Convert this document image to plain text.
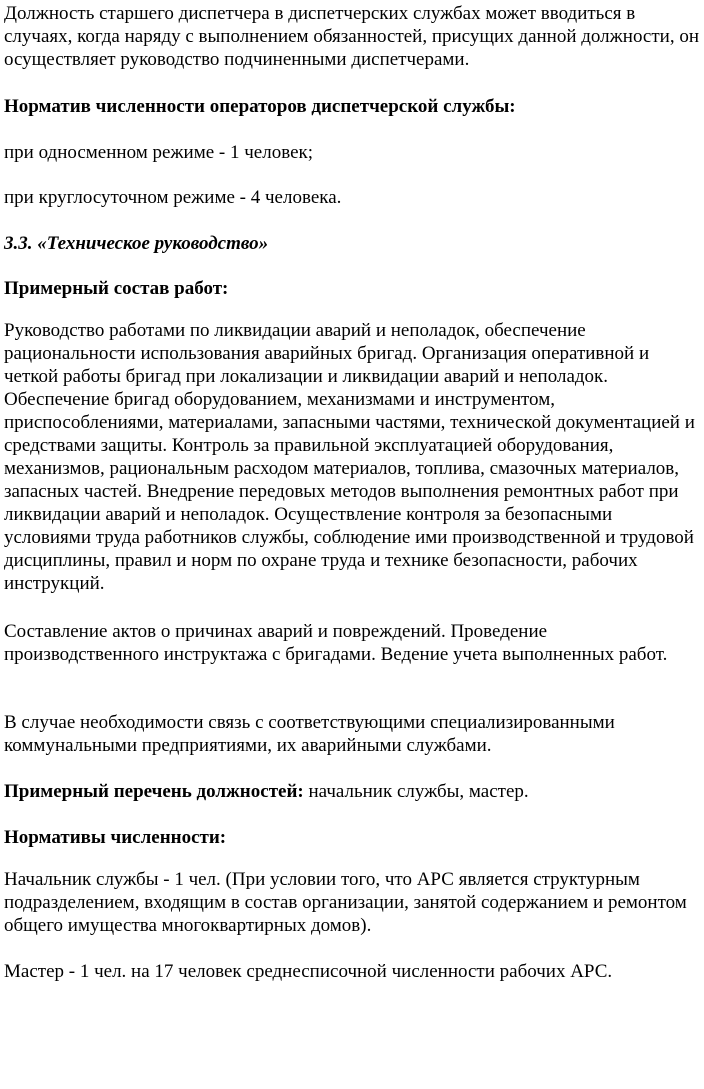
Должность старшего диспетчера в диспетчерских службах может вводиться в случаях, когда наряду с выполнением обязанностей, присущих данной должности, он осуществляет руководство подчиненными диспетчерами.

Норматив численности операторов диспетчерской службы:

при односменном режиме - 1 человек;

при круглосуточном режиме - 4 человека.

3.3. «Техническое руководство»

Примерный состав работ:

Руководство работами по ликвидации аварий и неполадок, обеспечение рациональности использования аварийных бригад. Организация оперативной и четкой работы бригад при локализации и ликвидации аварий и неполадок. Обеспечение бригад оборудованием, механизмами и инструментом, приспособлениями, материалами, запасными частями, технической документацией и средствами защиты. Контроль за правильной эксплуатацией оборудования, механизмов, рациональным расходом материалов, топлива, смазочных материалов, запасных частей. Внедрение передовых методов выполнения ремонтных работ при ликвидации аварий и неполадок. Осуществление контроля за безопасными условиями труда работников службы, соблюдение ими производственной и трудовой дисциплины, правил и норм по охране труда и технике безопасности, рабочих инструкций.

Составление актов о причинах аварий и повреждений. Проведение производственного инструктажа с бригадами. Ведение учета выполненных работ.

В случае необходимости связь с соответствующими специализированными коммунальными предприятиями, их аварийными службами.

Примерный перечень должностей: начальник службы, мастер.

Нормативы численности:

Начальник службы - 1 чел. (При условии того, что АРС является структурным подразделением, входящим в состав организации, занятой содержанием и ремонтом общего имущества многоквартирных домов).

Мастер - 1 чел. на 17 человек среднесписочной численности рабочих АРС.
